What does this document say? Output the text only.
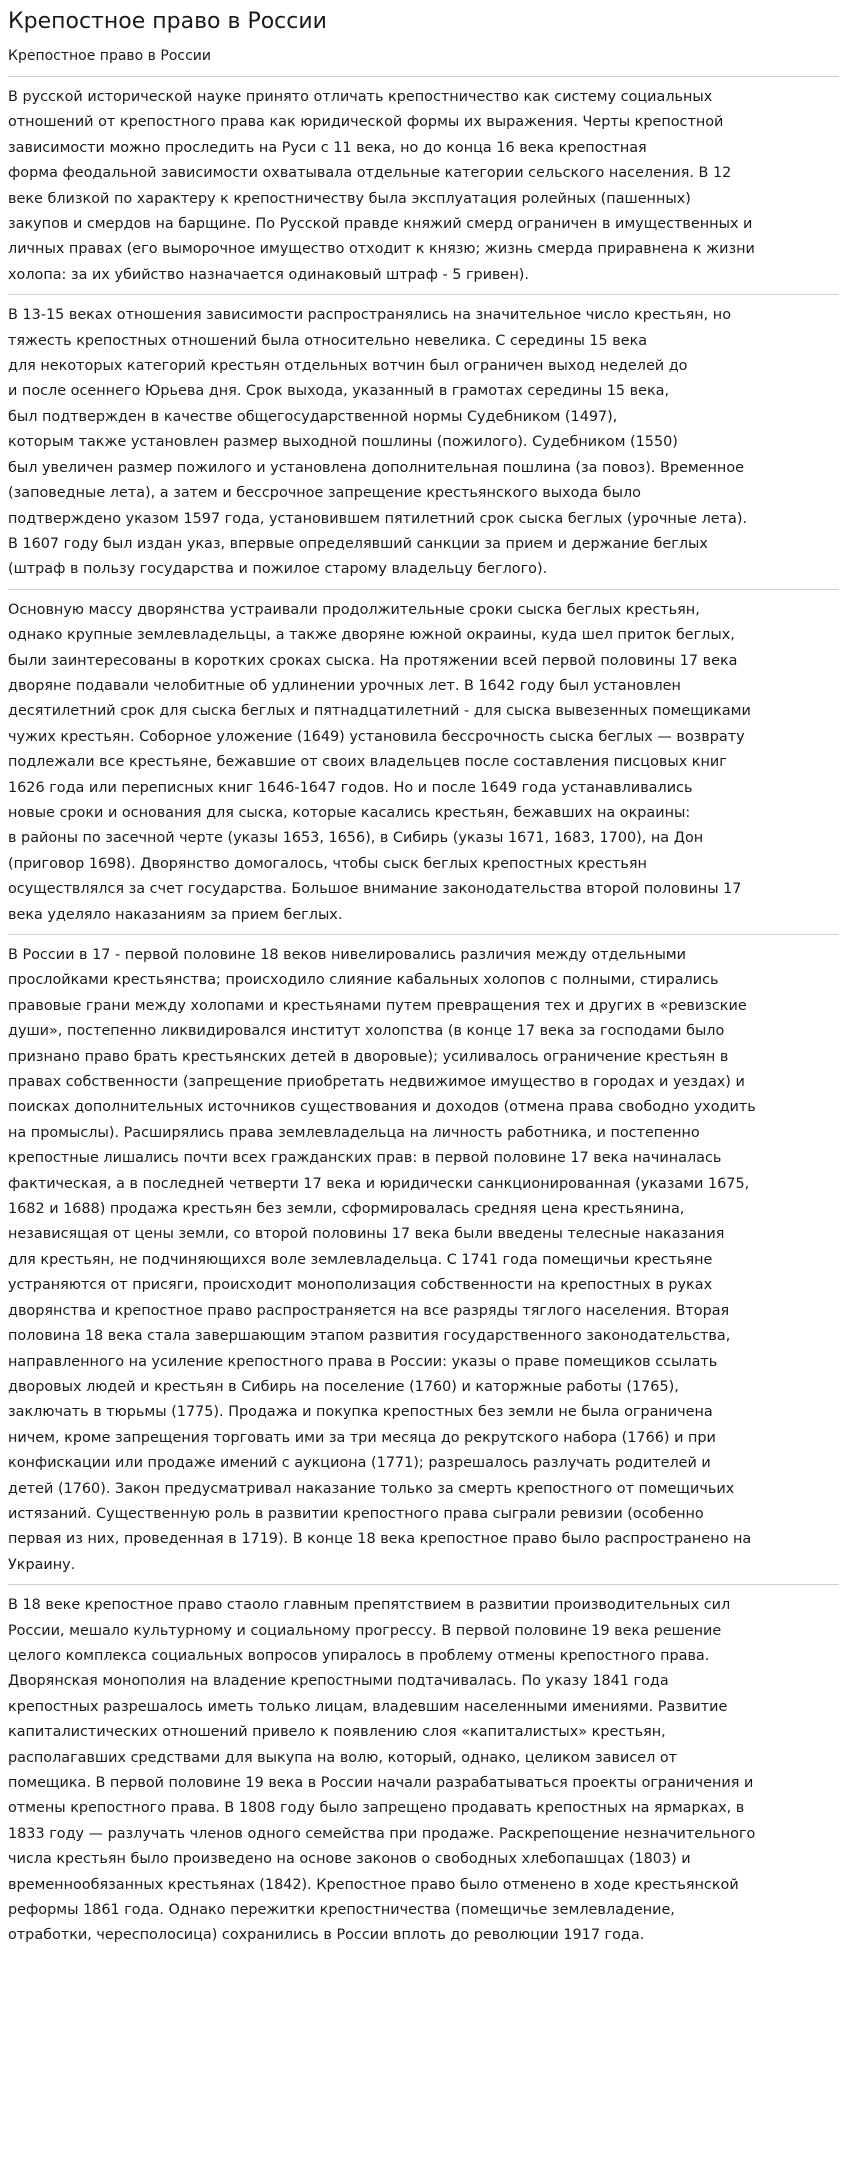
Крепостное право в России
Крепостное право в России

В русской исторической науке принято отличать крепостничество как систему социальных
отношений от крепостного права как юридической формы их выражения. Черты крепостной
зависимости можно проследить на Руси с 11 века, но до конца 16 века крепостная
форма феодальной зависимости охватывала отдельные категории сельского населения. В 12
веке близкой по характеру к крепостничеству была эксплуатация ролейных (пашенных)
закупов и смердов на барщине. По Русской правде княжий смерд ограничен в имущественных и
личных правах (его выморочное имущество отходит к князю; жизнь смерда приравнена к жизни
холопа: за их убийство назначается одинаковый штраф - 5 гривен).

В 13-15 веках отношения зависимости распространялись на значительное число крестьян, но
тяжесть крепостных отношений была относительно невелика. С середины 15 века
для некоторых категорий крестьян отдельных вотчин был ограничен выход неделей до
и после осеннего Юрьева дня. Срок выхода, указанный в грамотах середины 15 века,
был подтвержден в качестве общегосударственной нормы Судебником (1497),
которым также установлен размер выходной пошлины (пожилого). Судебником (1550)
был увеличен размер пожилого и установлена дополнительная пошлина (за повоз). Временное
(заповедные лета), а затем и бессрочное запрещение крестьянского выхода было
подтверждено указом 1597 года, установившем пятилетний срок сыска беглых (урочные лета).
В 1607 году был издан указ, впервые определявший санкции за прием и держание беглых
(штраф в пользу государства и пожилое старому владельцу беглого).

Основную массу дворянства устраивали продолжительные сроки сыска беглых крестьян,
однако крупные землевладельцы, а также дворяне южной окраины, куда шел приток беглых,
были заинтересованы в коротких сроках сыска. На протяжении всей первой половины 17 века
дворяне подавали челобитные об удлинении урочных лет. В 1642 году был установлен
десятилетний срок для сыска беглых и пятнадцатилетний - для сыска вывезенных помещиками
чужих крестьян. Соборное уложение (1649) установила бессрочность сыска беглых — возврату
подлежали все крестьяне, бежавшие от своих владельцев после составления писцовых книг
1626 года или переписных книг 1646-1647 годов. Но и после 1649 года устанавливались
новые сроки и основания для сыска, которые касались крестьян, бежавших на окраины:
в районы по засечной черте (указы 1653, 1656), в Сибирь (указы 1671, 1683, 1700), на Дон
(приговор 1698). Дворянство домогалось, чтобы сыск беглых крепостных крестьян
осуществлялся за счет государства. Большое внимание законодательства второй половины 17
века уделяло наказаниям за прием беглых.

В России в 17 - первой половине 18 веков нивелировались различия между отдельными
прослойками крестьянства; происходило слияние кабальных холопов с полными, стирались
правовые грани между холопами и крестьянами путем превращения тех и других в «ревизские
души», постепенно ликвидировался институт холопства (в конце 17 века за господами было
признано право брать крестьянских детей в дворовые); усиливалось ограничение крестьян в
правах собственности (запрещение приобретать недвижимое имущество в городах и уездах) и
поисках дополнительных источников существования и доходов (отмена права свободно уходить
на промыслы). Расширялись права землевладельца на личность работника, и постепенно
крепостные лишались почти всех гражданских прав: в первой половине 17 века начиналась
фактическая, а в последней четверти 17 века и юридически санкционированная (указами 1675,
1682 и 1688) продажа крестьян без земли, сформировалась средняя цена крестьянина,
независящая от цены земли, со второй половины 17 века были введены телесные наказания
для крестьян, не подчиняющихся воле землевладельца. С 1741 года помещичьи крестьяне
устраняются от присяги, происходит монополизация собственности на крепостных в руках
дворянства и крепостное право распространяется на все разряды тяглого населения. Вторая
половина 18 века стала завершающим этапом развития государственного законодательства,
направленного на усиление крепостного права в России: указы о праве помещиков ссылать
дворовых людей и крестьян в Сибирь на поселение (1760) и каторжные работы (1765),
заключать в тюрьмы (1775). Продажа и покупка крепостных без земли не была ограничена
ничем, кроме запрещения торговать ими за три месяца до рекрутского набора (1766) и при
конфискации или продаже имений с аукциона (1771); разрешалось разлучать родителей и
детей (1760). Закон предусматривал наказание только за смерть крепостного от помещичьих
истязаний. Существенную роль в развитии крепостного права сыграли ревизии (особенно
первая из них, проведенная в 1719). В конце 18 века крепостное право было распространено на
Украину.

В 18 веке крепостное право стаоло главным препятствием в развитии производительных сил
России, мешало культурному и социальному прогрессу. В первой половине 19 века решение
целого комплекса социальных вопросов упиралось в проблему отмены крепостного права.
Дворянская монополия на владение крепостными подтачивалась. По указу 1841 года
крепостных разрешалось иметь только лицам, владевшим населенными имениями. Развитие
капиталистических отношений привело к появлению слоя «капиталистых» крестьян,
располагавших средствами для выкупа на волю, который, однако, целиком зависел от
помещика. В первой половине 19 века в России начали разрабатываться проекты ограничения и
отмены крепостного права. В 1808 году было запрещено продавать крепостных на ярмарках, в
1833 году — разлучать членов одного семейства при продаже. Раскрепощение незначительного
числа крестьян было произведено на основе законов о свободных хлебопашцах (1803) и
временнообязанных крестьянах (1842). Крепостное право было отменено в ходе крестьянской
реформы 1861 года. Однако пережитки крепостничества (помещичье землевладение,
отработки, чересполосица) сохранились в России вплоть до революции 1917 года.
